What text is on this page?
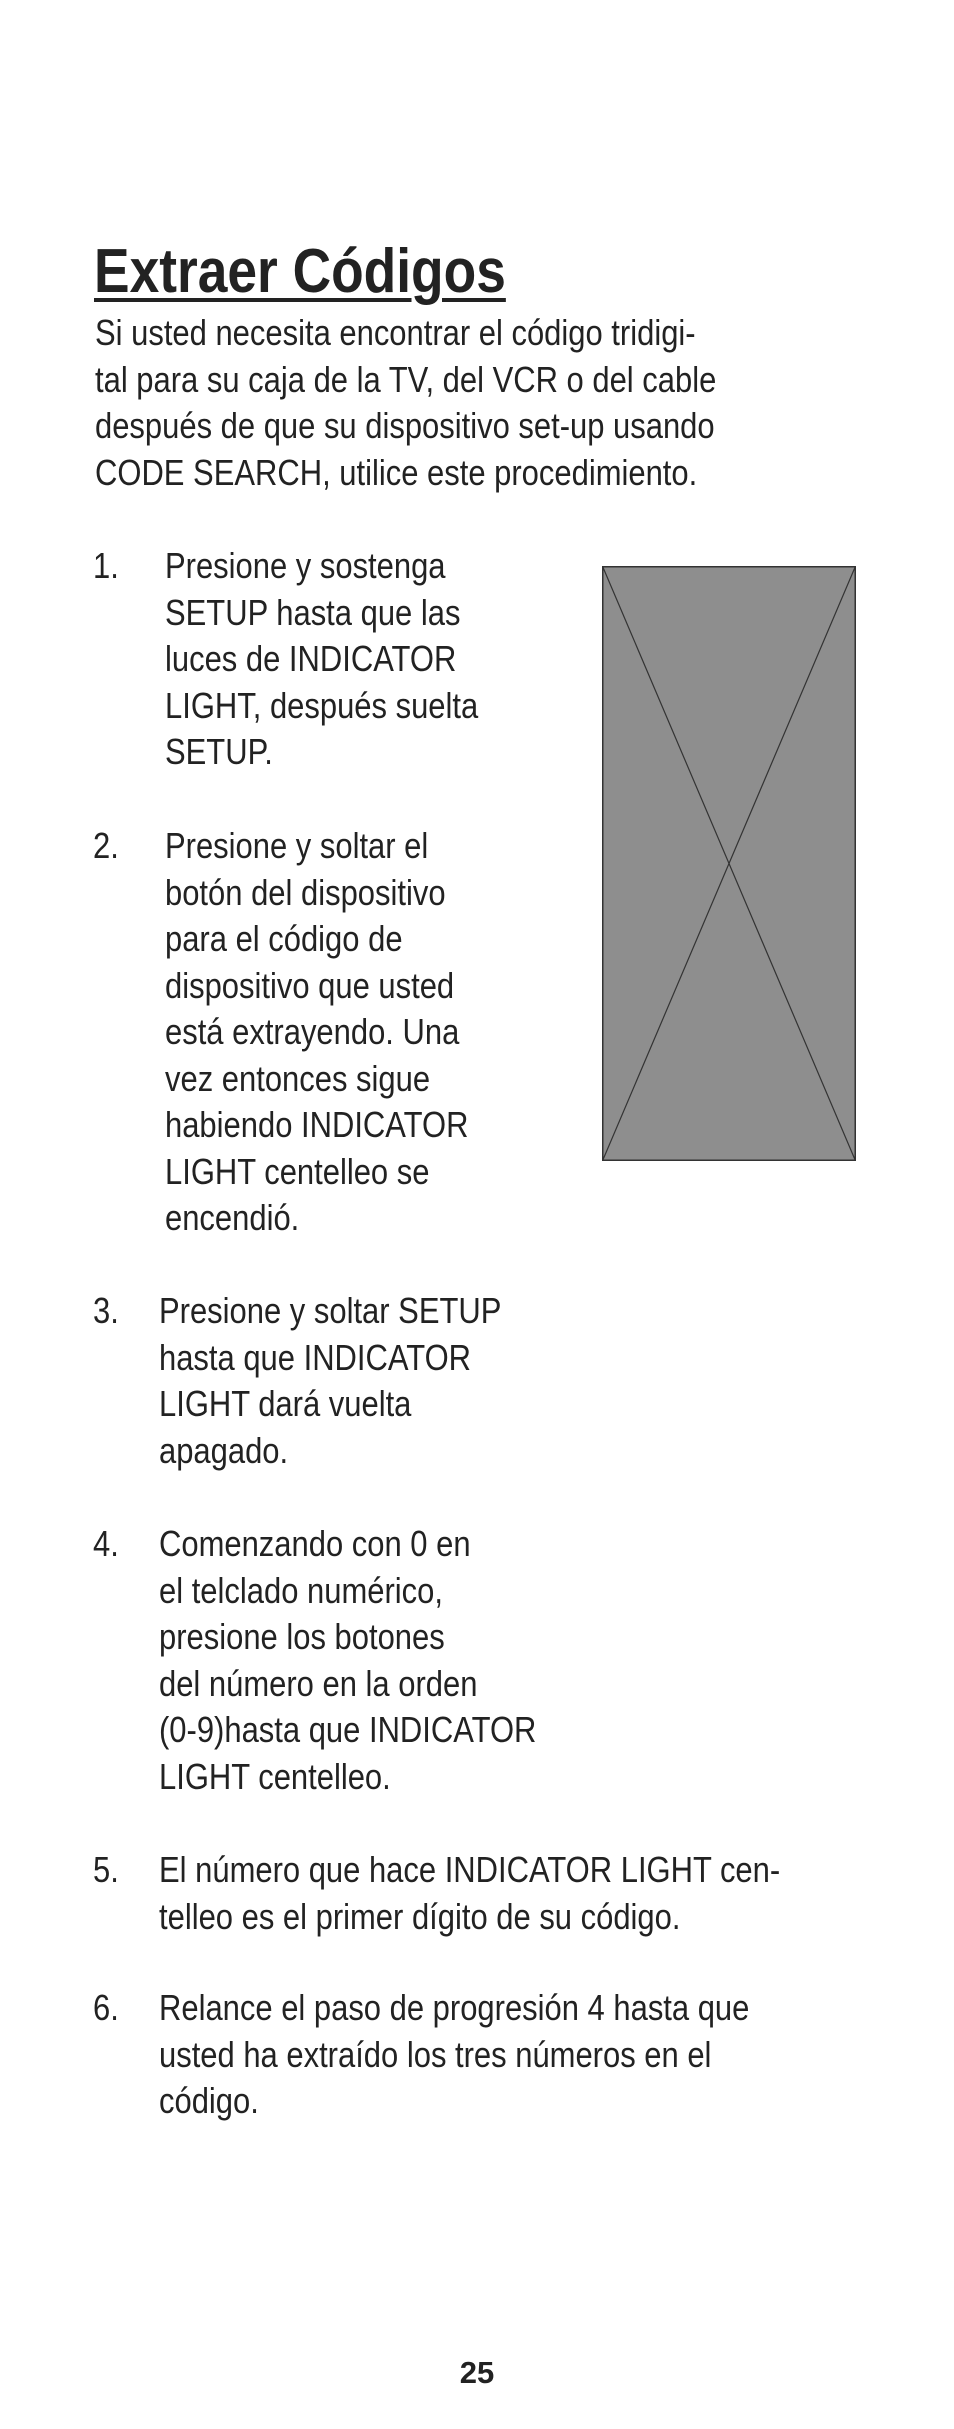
Extraer Códigos
Si usted necesita encontrar el código tridigi-
tal para su caja de la TV, del VCR o del cable
después de que su dispositivo set-up usando
CODE SEARCH, utilice este procedimiento.
1. Presione y sostenga
SETUP hasta que las
luces de INDICATOR
LIGHT, después suelta
SETUP.
2. Presione y soltar el
botón del dispositivo
para el código de
dispositivo que usted
está extrayendo. Una
vez entonces sigue
habiendo INDICATOR
LIGHT centelleo se
encendió.
3. Presione y soltar SETUP
hasta que INDICATOR
LIGHT dará vuelta
apagado.
4. Comenzando con 0 en
el telclado numérico,
presione los botones
del número en la orden
(0-9)hasta que INDICATOR
LIGHT centelleo.
5. El número que hace INDICATOR LIGHT cen-
telleo es el primer dígito de su código.
6. Relance el paso de progresión 4 hasta que
usted ha extraído los tres números en el
código.
25
